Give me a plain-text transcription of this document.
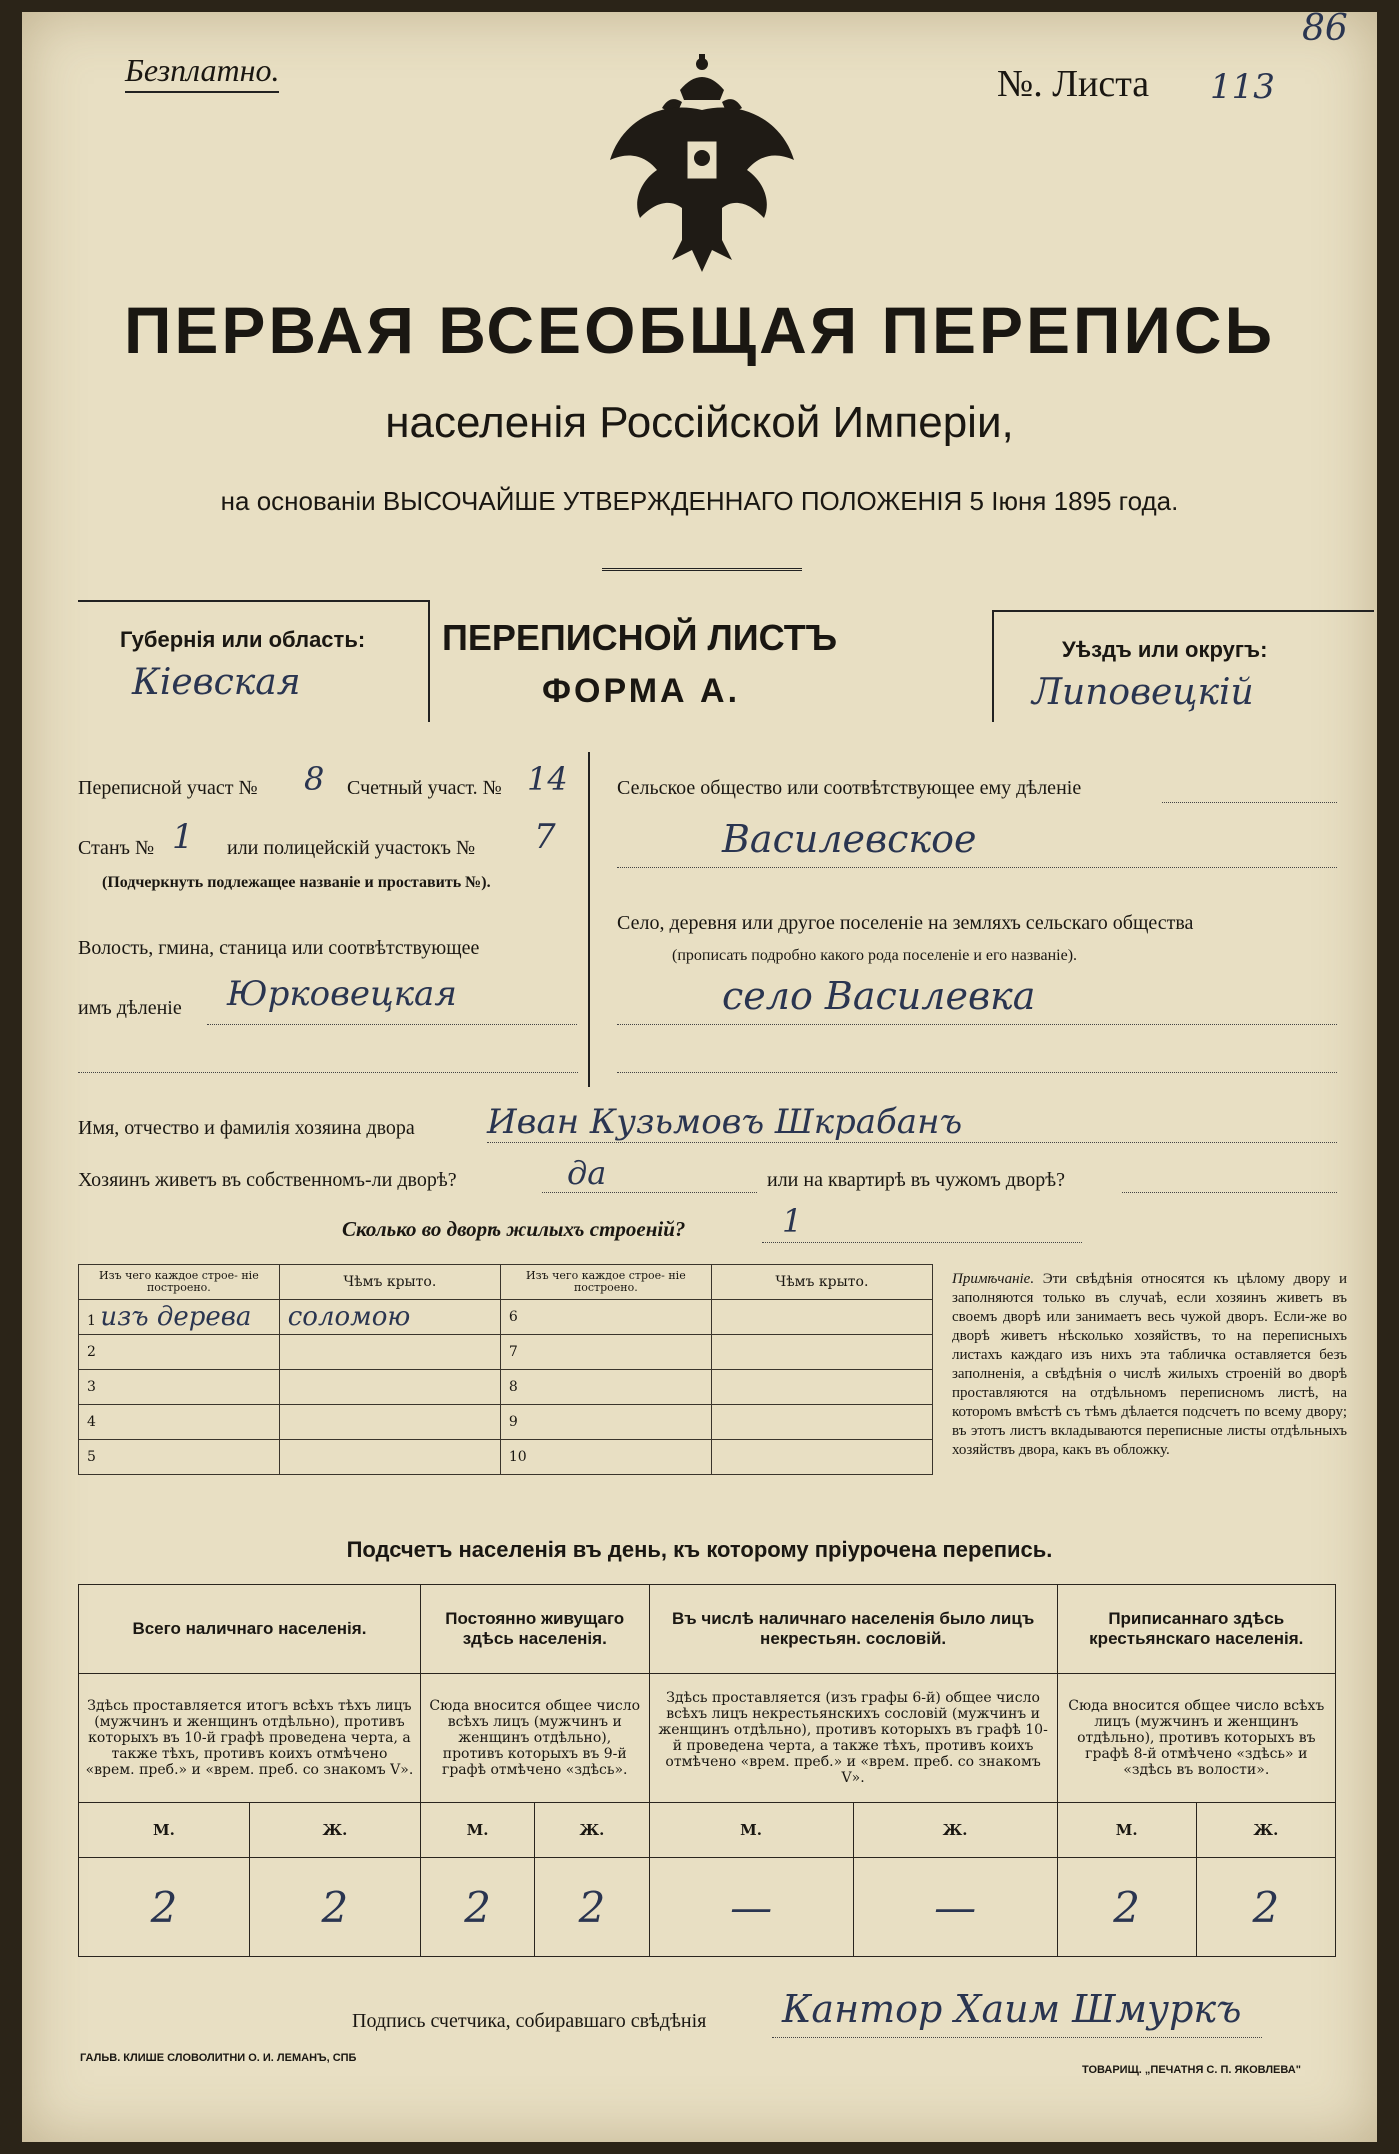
Безплатно.	№. Листа 113
86
ПЕРВАЯ ВСЕОБЩАЯ ПЕРЕПИСЬ
населенія Россійской Имперіи,
на основаніи ВЫСОЧАЙШЕ УТВЕРЖДЕННАГО ПОЛОЖЕНІЯ 5 Іюня 1895 года.
Губернія или область:
Кіевская
ПЕРЕПИСНОЙ ЛИСТЪ
ФОРМА А.
Уѣздъ или округъ:
Липовецкій
Переписной участ № 8 Счетный участ. № 14
Станъ № 1 или полицейскій участокъ № 7
(Подчеркнуть подлежащее названіе и проставить №).
Волость, гмина, станица или соотвѣтствующее
имъ дѣленіе Юрковецкая
Сельское общество или соотвѣтствующее ему дѣленіе
Василевское
Село, деревня или другое поселеніе на земляхъ сельскаго общества
(прописать подробно какого рода поселеніе и его названіе).
село Василевка
Имя, отчество и фамилія хозяина двора Иван Кузьмовъ Шкрабанъ
Хозяинъ живетъ въ собственномъ-ли дворѣ?	да	или на квартирѣ въ чужомъ дворѣ?
Сколько во дворѣ жилыхъ строеній?	1
Изъ чего каждое строе- ніе построено.	Чѣмъ крыто.	Изъ чего каждое строе- ніе построено.	Чѣмъ крыто.
1 изъ дерева	соломою	6	
2		7	
3		8	
4		9	
5		10	
Примѣчаніе. Эти свѣдѣнія относятся къ цѣлому двору и заполняются только въ случаѣ, если хозяинъ живетъ въ своемъ дворѣ или занимаетъ весь чужой дворъ. Если-же во дворѣ живетъ нѣсколько хозяйствъ, то на переписныхъ листахъ каждаго изъ нихъ эта табличка оставляется безъ заполненія, а свѣдѣнія о числѣ жилыхъ строеній во дворѣ проставляются на отдѣльномъ переписномъ листѣ, на которомъ вмѣстѣ съ тѣмъ дѣлается подсчетъ по всему двору; въ этотъ листъ вкладываются переписные листы отдѣльныхъ хозяйствъ двора, какъ въ обложку.
Подсчетъ населенія въ день, къ которому пріурочена перепись.
Всего наличнаго населенія.		Постоянно живущаго здѣсь населенія.		Въ числѣ наличнаго населенія было лицъ некрестьян. сословій.		Приписаннаго здѣсь крестьянскаго населенія.	
Здѣсь проставляется итогъ всѣхъ тѣхъ лицъ (мужчинъ и женщинъ отдѣльно), противъ которыхъ въ 10-й графѣ проведена черта, а также тѣхъ, противъ коихъ отмѣчено «врем. преб.» и «врем. преб. со знакомъ V».		Сюда вносится общее число всѣхъ лицъ (мужчинъ и женщинъ отдѣльно), противъ которыхъ въ 9-й графѣ отмѣчено «здѣсь».		Здѣсь проставляется (изъ графы 6-й) общее число всѣхъ лицъ некрестьянскихъ сословій (мужчинъ и женщинъ отдѣльно), противъ которыхъ въ графѣ 10-й проведена черта, а также тѣхъ, противъ коихъ отмѣчено «врем. преб.» и «врем. преб. со знакомъ V».		Сюда вносится общее число всѣхъ лицъ (мужчинъ и женщинъ отдѣльно), противъ которыхъ въ графѣ 8-й отмѣчено «здѣсь» и «здѣсь въ волости».	
М.	Ж.	М.	Ж.	М.	Ж.	М.	Ж.
2	2	2	2	—	—	2	2
Подпись счетчика, собиравшаго свѣдѣнія Кантор Хаим Шмуркъ
ГАЛЬВ. КЛИШЕ СЛОВОЛИТНИ О. И. ЛЕМАНЪ, СПБ
ТОВАРИЩ. „ПЕЧАТНЯ С. П. ЯКОВЛЕВА"
